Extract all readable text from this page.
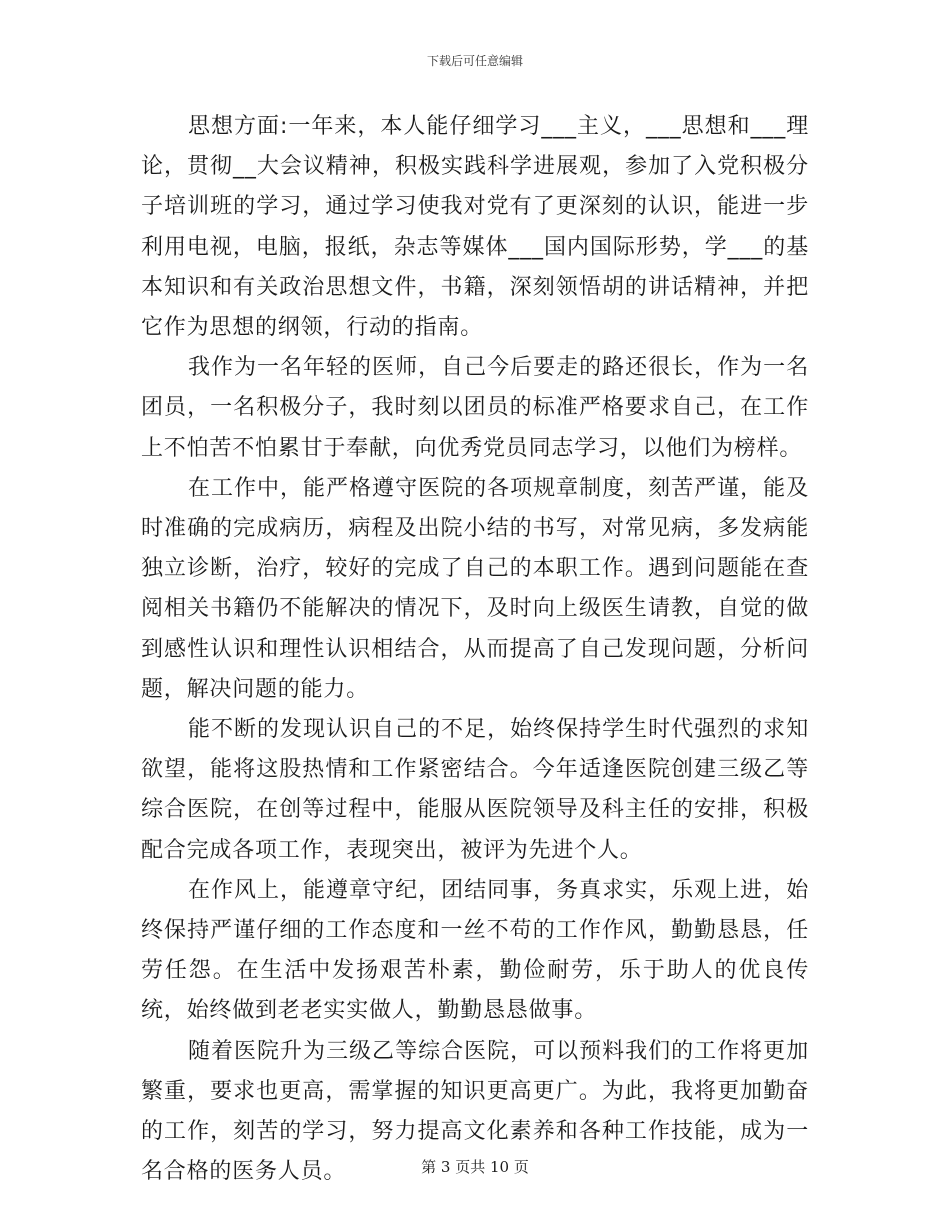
下载后可任意编辑

思想方面:一年来，本人能仔细学习___主义，___思想和___理论，贯彻__大会议精神，积极实践科学进展观，参加了入党积极分子培训班的学习，通过学习使我对党有了更深刻的认识，能进一步利用电视，电脑，报纸，杂志等媒体___国内国际形势，学___的基本知识和有关政治思想文件，书籍，深刻领悟胡的讲话精神，并把它作为思想的纲领，行动的指南。

我作为一名年轻的医师，自己今后要走的路还很长，作为一名团员，一名积极分子，我时刻以团员的标准严格要求自己，在工作上不怕苦不怕累甘于奉献，向优秀党员同志学习，以他们为榜样。

在工作中，能严格遵守医院的各项规章制度，刻苦严谨，能及时准确的完成病历，病程及出院小结的书写，对常见病，多发病能独立诊断，治疗，较好的完成了自己的本职工作。遇到问题能在查阅相关书籍仍不能解决的情况下，及时向上级医生请教，自觉的做到感性认识和理性认识相结合，从而提高了自己发现问题，分析问题，解决问题的能力。

能不断的发现认识自己的不足，始终保持学生时代强烈的求知欲望，能将这股热情和工作紧密结合。今年适逢医院创建三级乙等综合医院，在创等过程中，能服从医院领导及科主任的安排，积极配合完成各项工作，表现突出，被评为先进个人。

在作风上，能遵章守纪，团结同事，务真求实，乐观上进，始终保持严谨仔细的工作态度和一丝不苟的工作作风，勤勤恳恳，任劳任怨。在生活中发扬艰苦朴素，勤俭耐劳，乐于助人的优良传统，始终做到老老实实做人，勤勤恳恳做事。

随着医院升为三级乙等综合医院，可以预料我们的工作将更加繁重，要求也更高，需掌握的知识更高更广。为此，我将更加勤奋的工作，刻苦的学习，努力提高文化素养和各种工作技能，成为一名合格的医务人员。	第 3 页共 10 页
